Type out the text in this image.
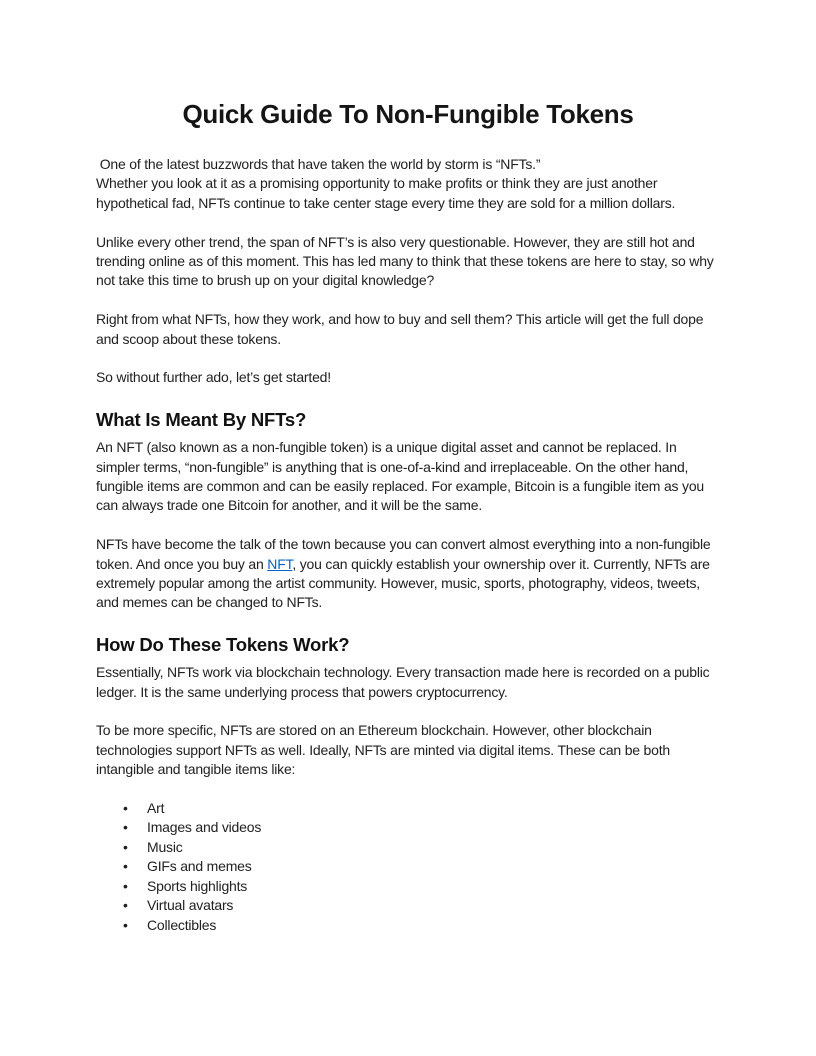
Quick Guide To Non-Fungible Tokens

One of the latest buzzwords that have taken the world by storm is “NFTs.”
Whether you look at it as a promising opportunity to make profits or think they are just another hypothetical fad, NFTs continue to take center stage every time they are sold for a million dollars.

Unlike every other trend, the span of NFT’s is also very questionable. However, they are still hot and trending online as of this moment. This has led many to think that these tokens are here to stay, so why not take this time to brush up on your digital knowledge?

Right from what NFTs, how they work, and how to buy and sell them? This article will get the full dope and scoop about these tokens.

So without further ado, let’s get started!

What Is Meant By NFTs?

An NFT (also known as a non-fungible token) is a unique digital asset and cannot be replaced. In simpler terms, “non-fungible” is anything that is one-of-a-kind and irreplaceable. On the other hand, fungible items are common and can be easily replaced. For example, Bitcoin is a fungible item as you can always trade one Bitcoin for another, and it will be the same.

NFTs have become the talk of the town because you can convert almost everything into a non-fungible token. And once you buy an NFT, you can quickly establish your ownership over it. Currently, NFTs are extremely popular among the artist community. However, music, sports, photography, videos, tweets, and memes can be changed to NFTs.

How Do These Tokens Work?

Essentially, NFTs work via blockchain technology. Every transaction made here is recorded on a public ledger. It is the same underlying process that powers cryptocurrency.

To be more specific, NFTs are stored on an Ethereum blockchain. However, other blockchain technologies support NFTs as well. Ideally, NFTs are minted via digital items. These can be both intangible and tangible items like:

• Art
• Images and videos
• Music
• GIFs and memes
• Sports highlights
• Virtual avatars
• Collectibles
